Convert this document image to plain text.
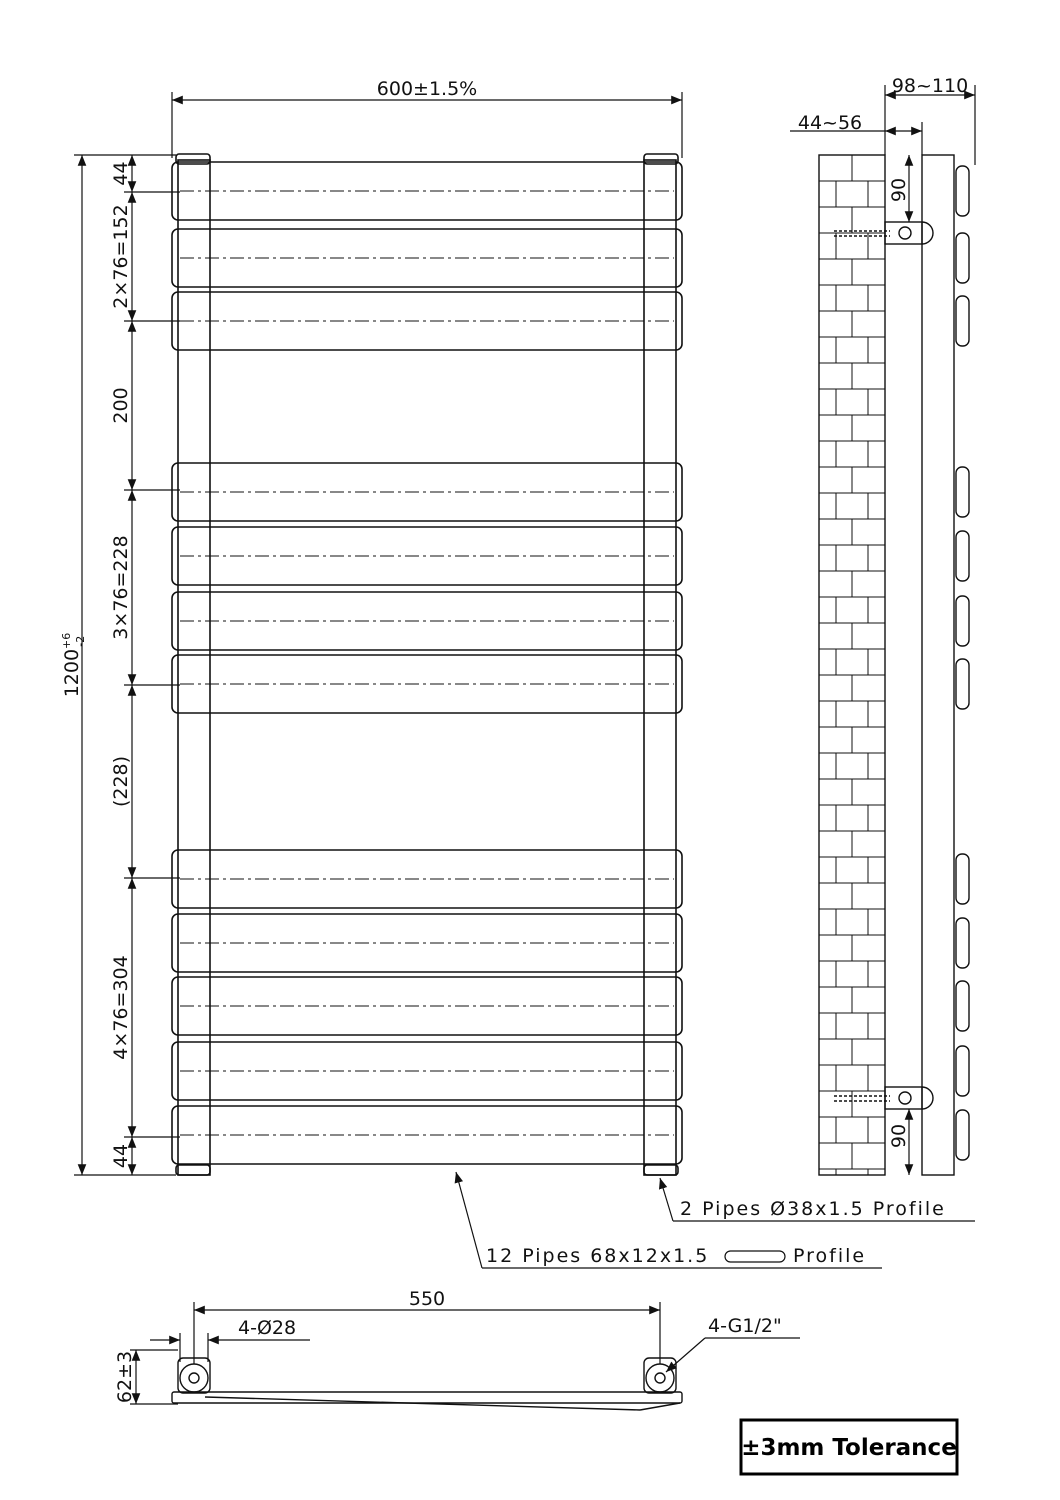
44
2×76=152
200
3×76=228
(228)
4×76=304
44
600±1.5%
$1200^{+6}-2$
98~110
44~56
90
90
2 Pipes Ø38x1.5 Profile
12 Pipes 68x12x1.5	Profile
550
4-Ø28	4-G1/2"
62±3
±3mm Tolerance
